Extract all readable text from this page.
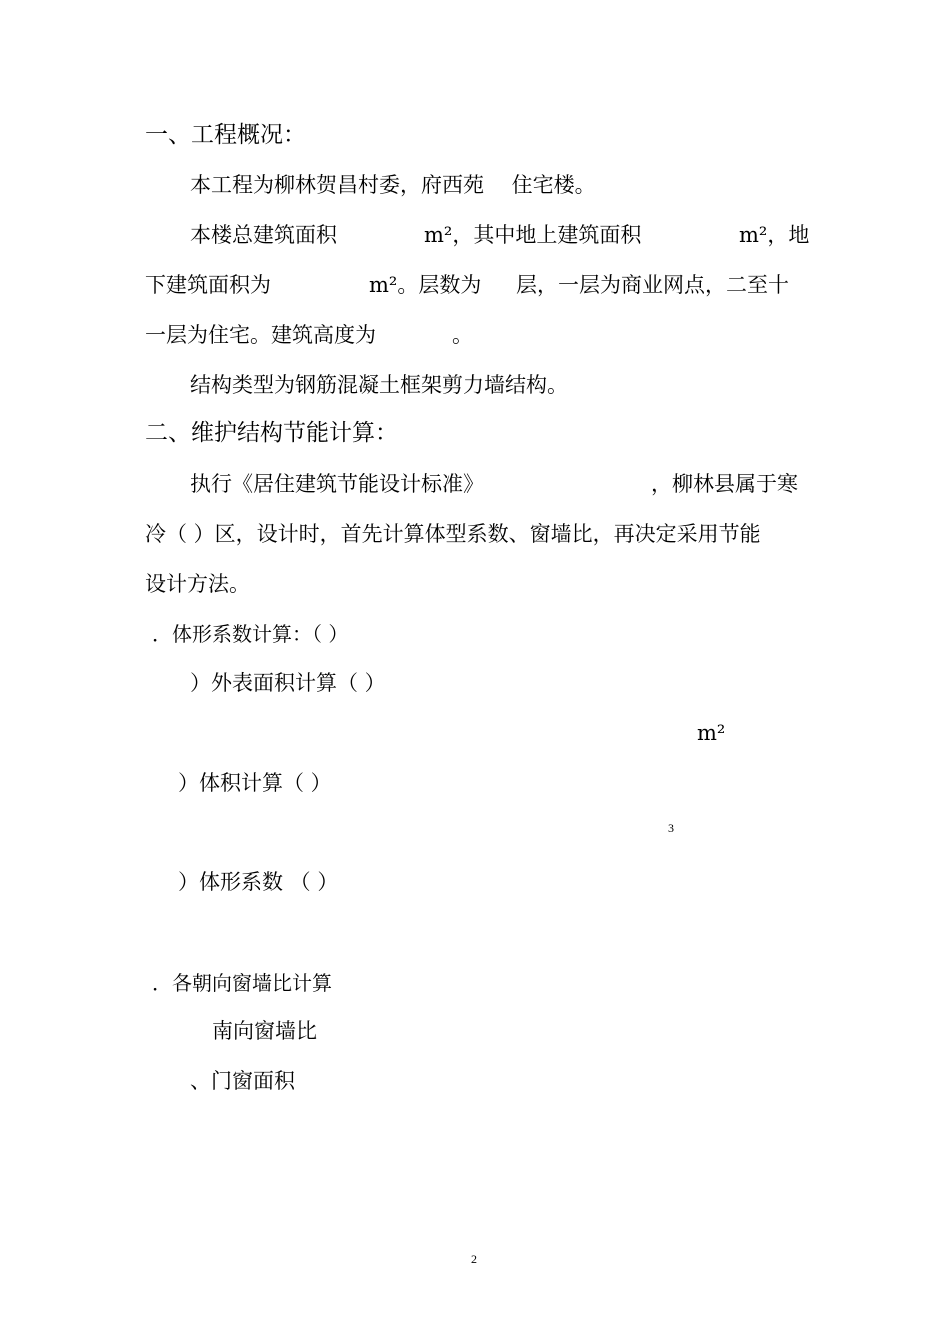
一、工程概况：
本工程为柳林贺昌村委，府西苑　 住宅楼。
本楼总建筑面积	m²，其中地上建筑面积	m²，地
下建筑面积为	m²。层数为 层，一层为商业网点，二至十
一层为住宅。建筑高度为	。
结构类型为钢筋混凝土框架剪力墙结构。
二、维护结构节能计算：
执行《居住建筑节能设计标准》	，柳林县属于寒
冷（ ）区，设计时，首先计算体型系数、窗墙比，再决定采用节能
设计方法。
．体形系数计算：（ ）
）外表面积计算（ ）
m²
）体积计算（ ）
3
）体形系数 （ ）
．各朝向窗墙比计算
南向窗墙比
、门窗面积
2
